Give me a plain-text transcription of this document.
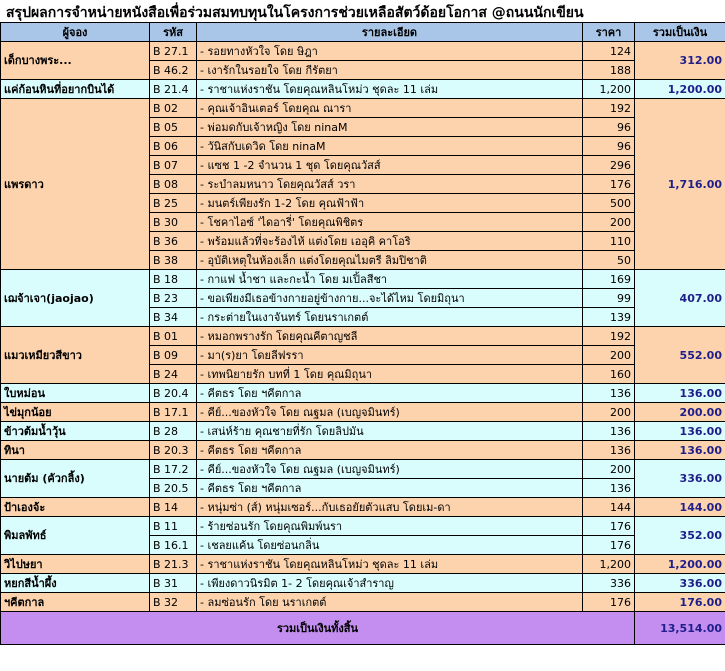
สรุปผลการจำหน่ายหนังสือเพื่อร่วมสมทบทุนในโครงการช่วยเหลือสัตว์ด้อยโอกาส @ถนนนักเขียน
ผู้จอง	รหัส	รายละเอียด	ราคา	รวมเป็นเงิน
เด็กบางพระ...	B 27.1	- รอยทางหัวใจ โดย ษิฎา	124	312.00
	B 46.2	- เงารักในรอยใจ โดย กีรัตยา	188	
แค่ก้อนหินที่อยากบินได้	B 21.4	- ราชาแห่งราชัน โดยคุณหลินโหม่ว ชุดละ 11 เล่ม	1,200	1,200.00
แพรดาว	B 02	- คุณเจ้าอินเตอร์ โดยคุณ ณารา	192	1,716.00
	B 05	- พ่อมดกับเจ้าหญิง โดย ninaM	96	
	B 06	- วันิสกับเดวิด โดย ninaM	96	
	B 07	- แซช 1 -2 จำนวน 1 ชุด โดยคุณวัสส์	296	
	B 08	- ระบำลมหนาว โดยคุณวัสส์ วรา	176	
	B 25	- มนตร์เพียงรัก 1-2 โดย คุณฟ้าฟ้า	500	
	B 30	- โชคาไอซ์ 'ไดอารี่' โดยคุณพิชิตร	200	
	B 36	- พร้อมแล้วที่จะร้องไห้ แต่งโดย เออุคิ คาโอริ	110	
	B 38	- อุบัติเหตุในห้องเล็ก แต่งโดยคุณไมตรี ลิมปิชาติ	50	
เฌจ้าเจา(jaojao)	B 18	- กาแฟ น้ำชา และกะน้ำ โดย มเปิ้ลสีชา	169	407.00
	B 23	- ขอเพียงมีเธอข้างกายอยู่ข้างกาย...จะได้ไหม โดยมิถุนา	99	
	B 34	- กระต่ายในเงาจันทร์ โดยนราเกตต์	139	
แมวเหมียวสีขาว	B 01	- หมอกพรางรัก โดยคุณคีตาญชลี	192	552.00
	B 09	- มา(ร)ยา โดยลีฟรรา	200	
	B 24	- เทพนิยายรัก บทที่ 1 โดย คุณมิถุนา	160	
ใบหม่อน	B 20.4	- คีตธร โดย ฯคีตกาล	136	136.00
ไข่มุกน้อย	B 17.1	- คีย์...ของหัวใจ โดย ณฐมล (เบญจมินทร์)	200	200.00
ข้าวต้มน้ำวุ้น	B 28	- เสน่ห์ร้าย คุณชายที่รัก โดยลิปมัน	136	136.00
ทินา	B 20.3	- คีตธร โดย ฯคีตกาล	136	136.00
นายต้ม (คัวกลิ้ง)	B 17.2	- คีย์...ของหัวใจ โดย ณฐมล (เบญจมินทร์)	200	336.00
	B 20.5	- คีตธร โดย ฯคีตกาล	136	
ป้าเองจ้ะ	B 14	- หนุ่มซ่า (ส์) หนุ่มเซอร์...กับเธอยัยตัวแสบ โดยเม-ดา	144	144.00
พิมลพัทธ์	B 11	- ร้ายซ่อนรัก โดยคุณพิมพ์นรา	176	352.00
	B 16.1	- เชลยแค้น โดยซ่อนกลิ่น	176	
วิไปษยา	B 21.3	- ราชาแห่งราชัน โดยคุณหลินโหม่ว ชุดละ 11 เล่ม	1,200	1,200.00
หยกสีน้ำผึ้ง	B 31	- เพียงดาวนิรมิต 1- 2 โดยคุณเจ้าสำราญ	336	336.00
ฯคีตกาล	B 32	- ลมซ่อนรัก โดย นราเกตต์	176	176.00
รวมเป็นเงินทั้งสิ้น				13,514.00
